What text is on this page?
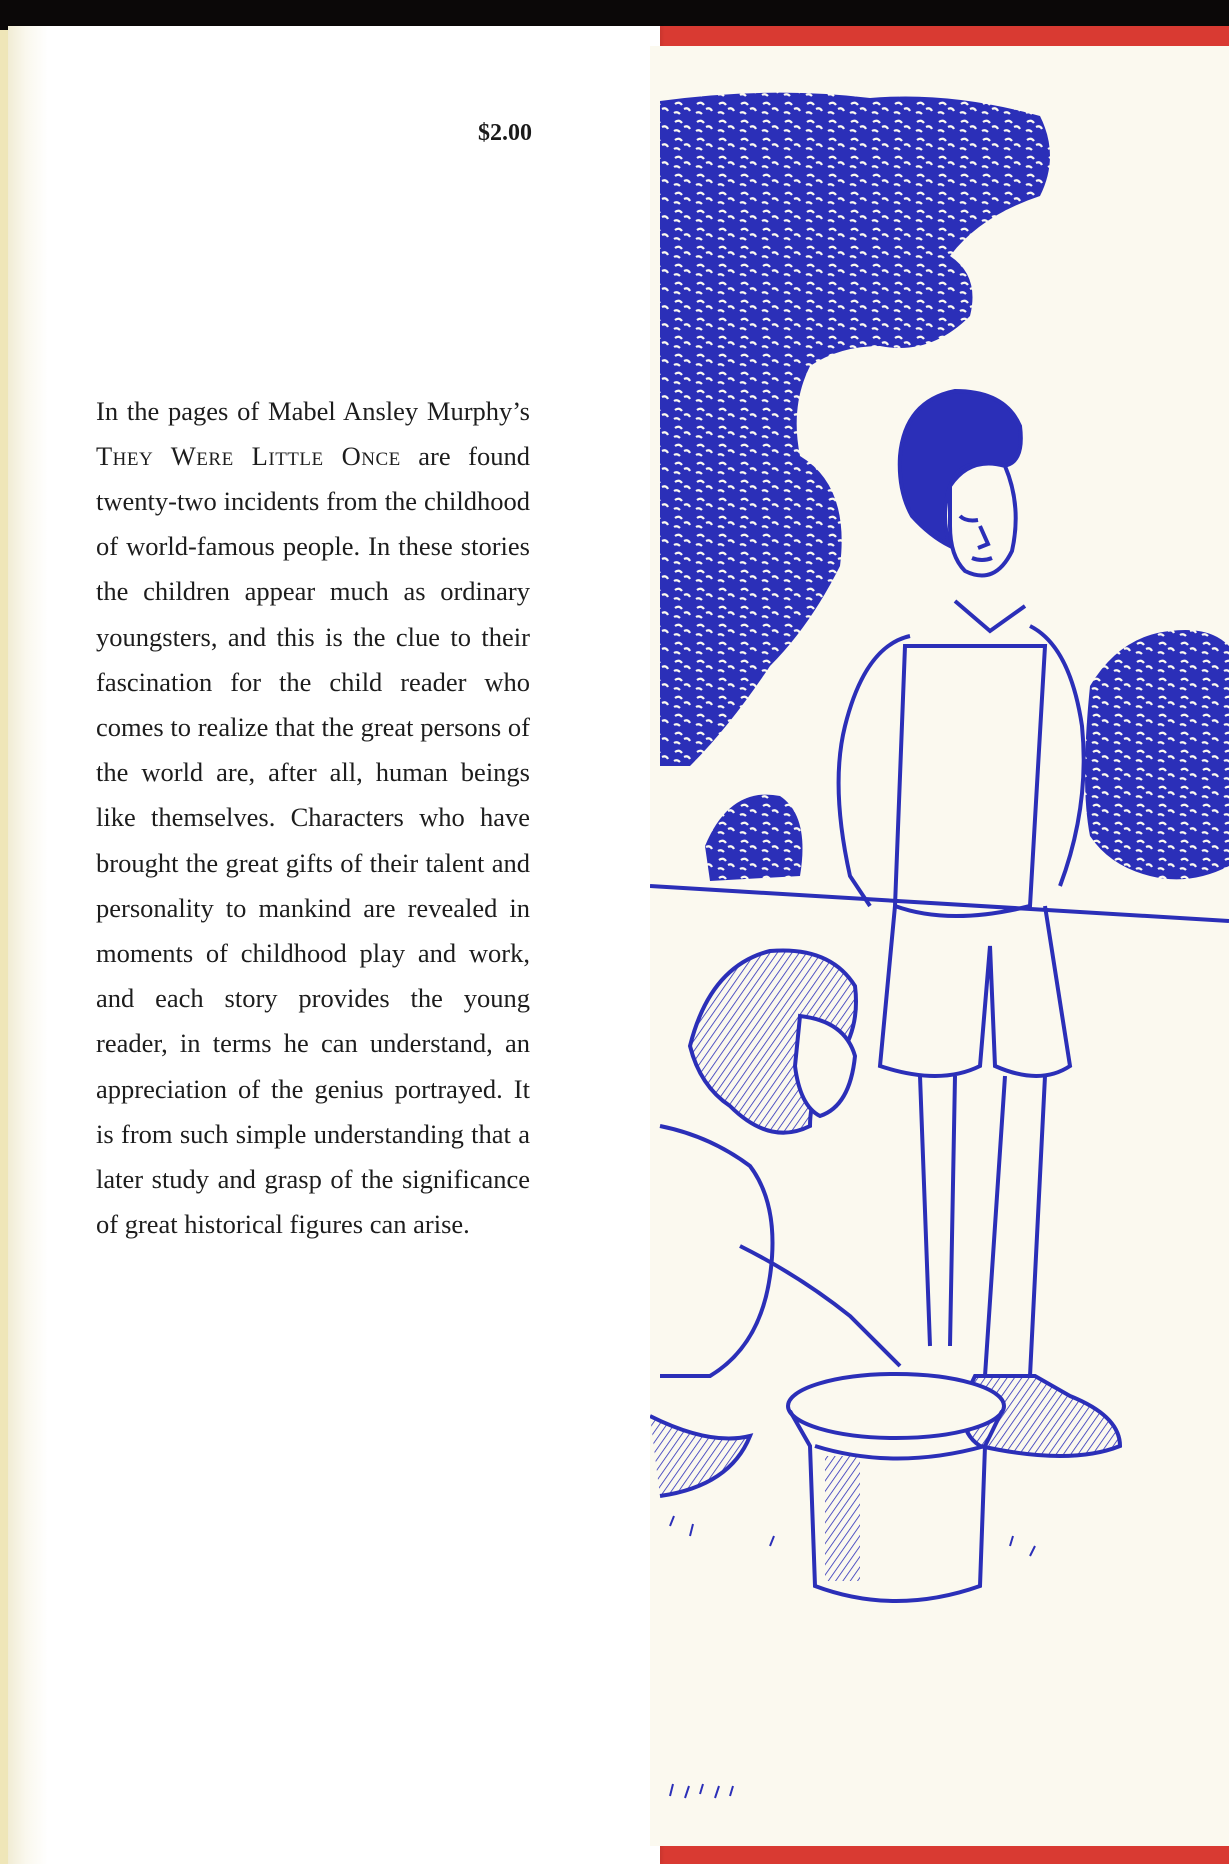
$2.00

In the pages of Mabel Ansley Murphy’s They Were Little Once are found twenty-two incidents from the childhood of world-famous people. In these stories the children appear much as ordinary youngsters, and this is the clue to their fascination for the child reader who comes to realize that the great persons of the world are, after all, human beings like themselves. Characters who have brought the great gifts of their talent and personality to mankind are revealed in moments of childhood play and work, and each story provides the young reader, in terms he can understand, an appreciation of the genius portrayed. It is from such simple understanding that a later study and grasp of the significance of great historical figures can arise.
